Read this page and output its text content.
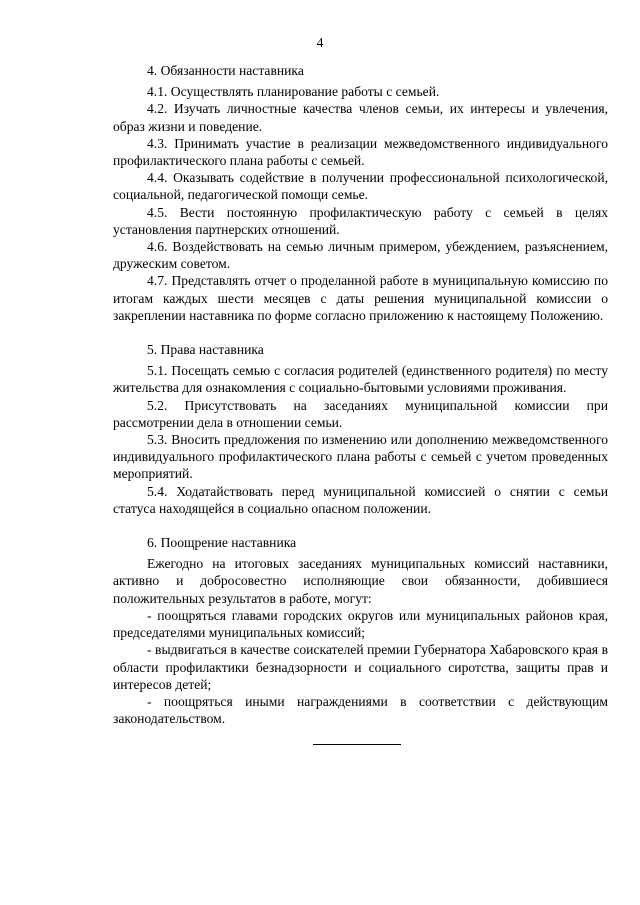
4

4. Обязанности наставника

4.1. Осуществлять планирование работы с семьей.

4.2. Изучать личностные качества членов семьи, их интересы и увлечения, образ жизни и поведение.

4.3. Принимать участие в реализации межведомственного индивидуального профилактического плана работы с семьей.

4.4. Оказывать содействие в получении профессиональной психологической, социальной, педагогической помощи семье.

4.5. Вести постоянную профилактическую работу с семьей в целях установления партнерских отношений.

4.6. Воздействовать на семью личным примером, убеждением, разъяснением, дружеским советом.

4.7. Представлять отчет о проделанной работе в муниципальную комиссию по итогам каждых шести месяцев с даты решения муниципальной комиссии о закреплении наставника по форме согласно приложению к настоящему Положению.

5. Права наставника

5.1. Посещать семью с согласия родителей (единственного родителя) по месту жительства для ознакомления с социально-бытовыми условиями проживания.

5.2. Присутствовать на заседаниях муниципальной комиссии при рассмотрении дела в отношении семьи.

5.3. Вносить предложения по изменению или дополнению межведомственного индивидуального профилактического плана работы с семьей с учетом проведенных мероприятий.

5.4. Ходатайствовать перед муниципальной комиссией о снятии с семьи статуса находящейся в социально опасном положении.

6. Поощрение наставника

Ежегодно на итоговых заседаниях муниципальных комиссий наставники, активно и добросовестно исполняющие свои обязанности, добившиеся положительных результатов в работе, могут:

- поощряться главами городских округов или муниципальных районов края, председателями муниципальных комиссий;

- выдвигаться в качестве соискателей премии Губернатора Хабаровского края в области профилактики безнадзорности и социального сиротства, защиты прав и интересов детей;

- поощряться иными награждениями в соответствии с действующим законодательством.
